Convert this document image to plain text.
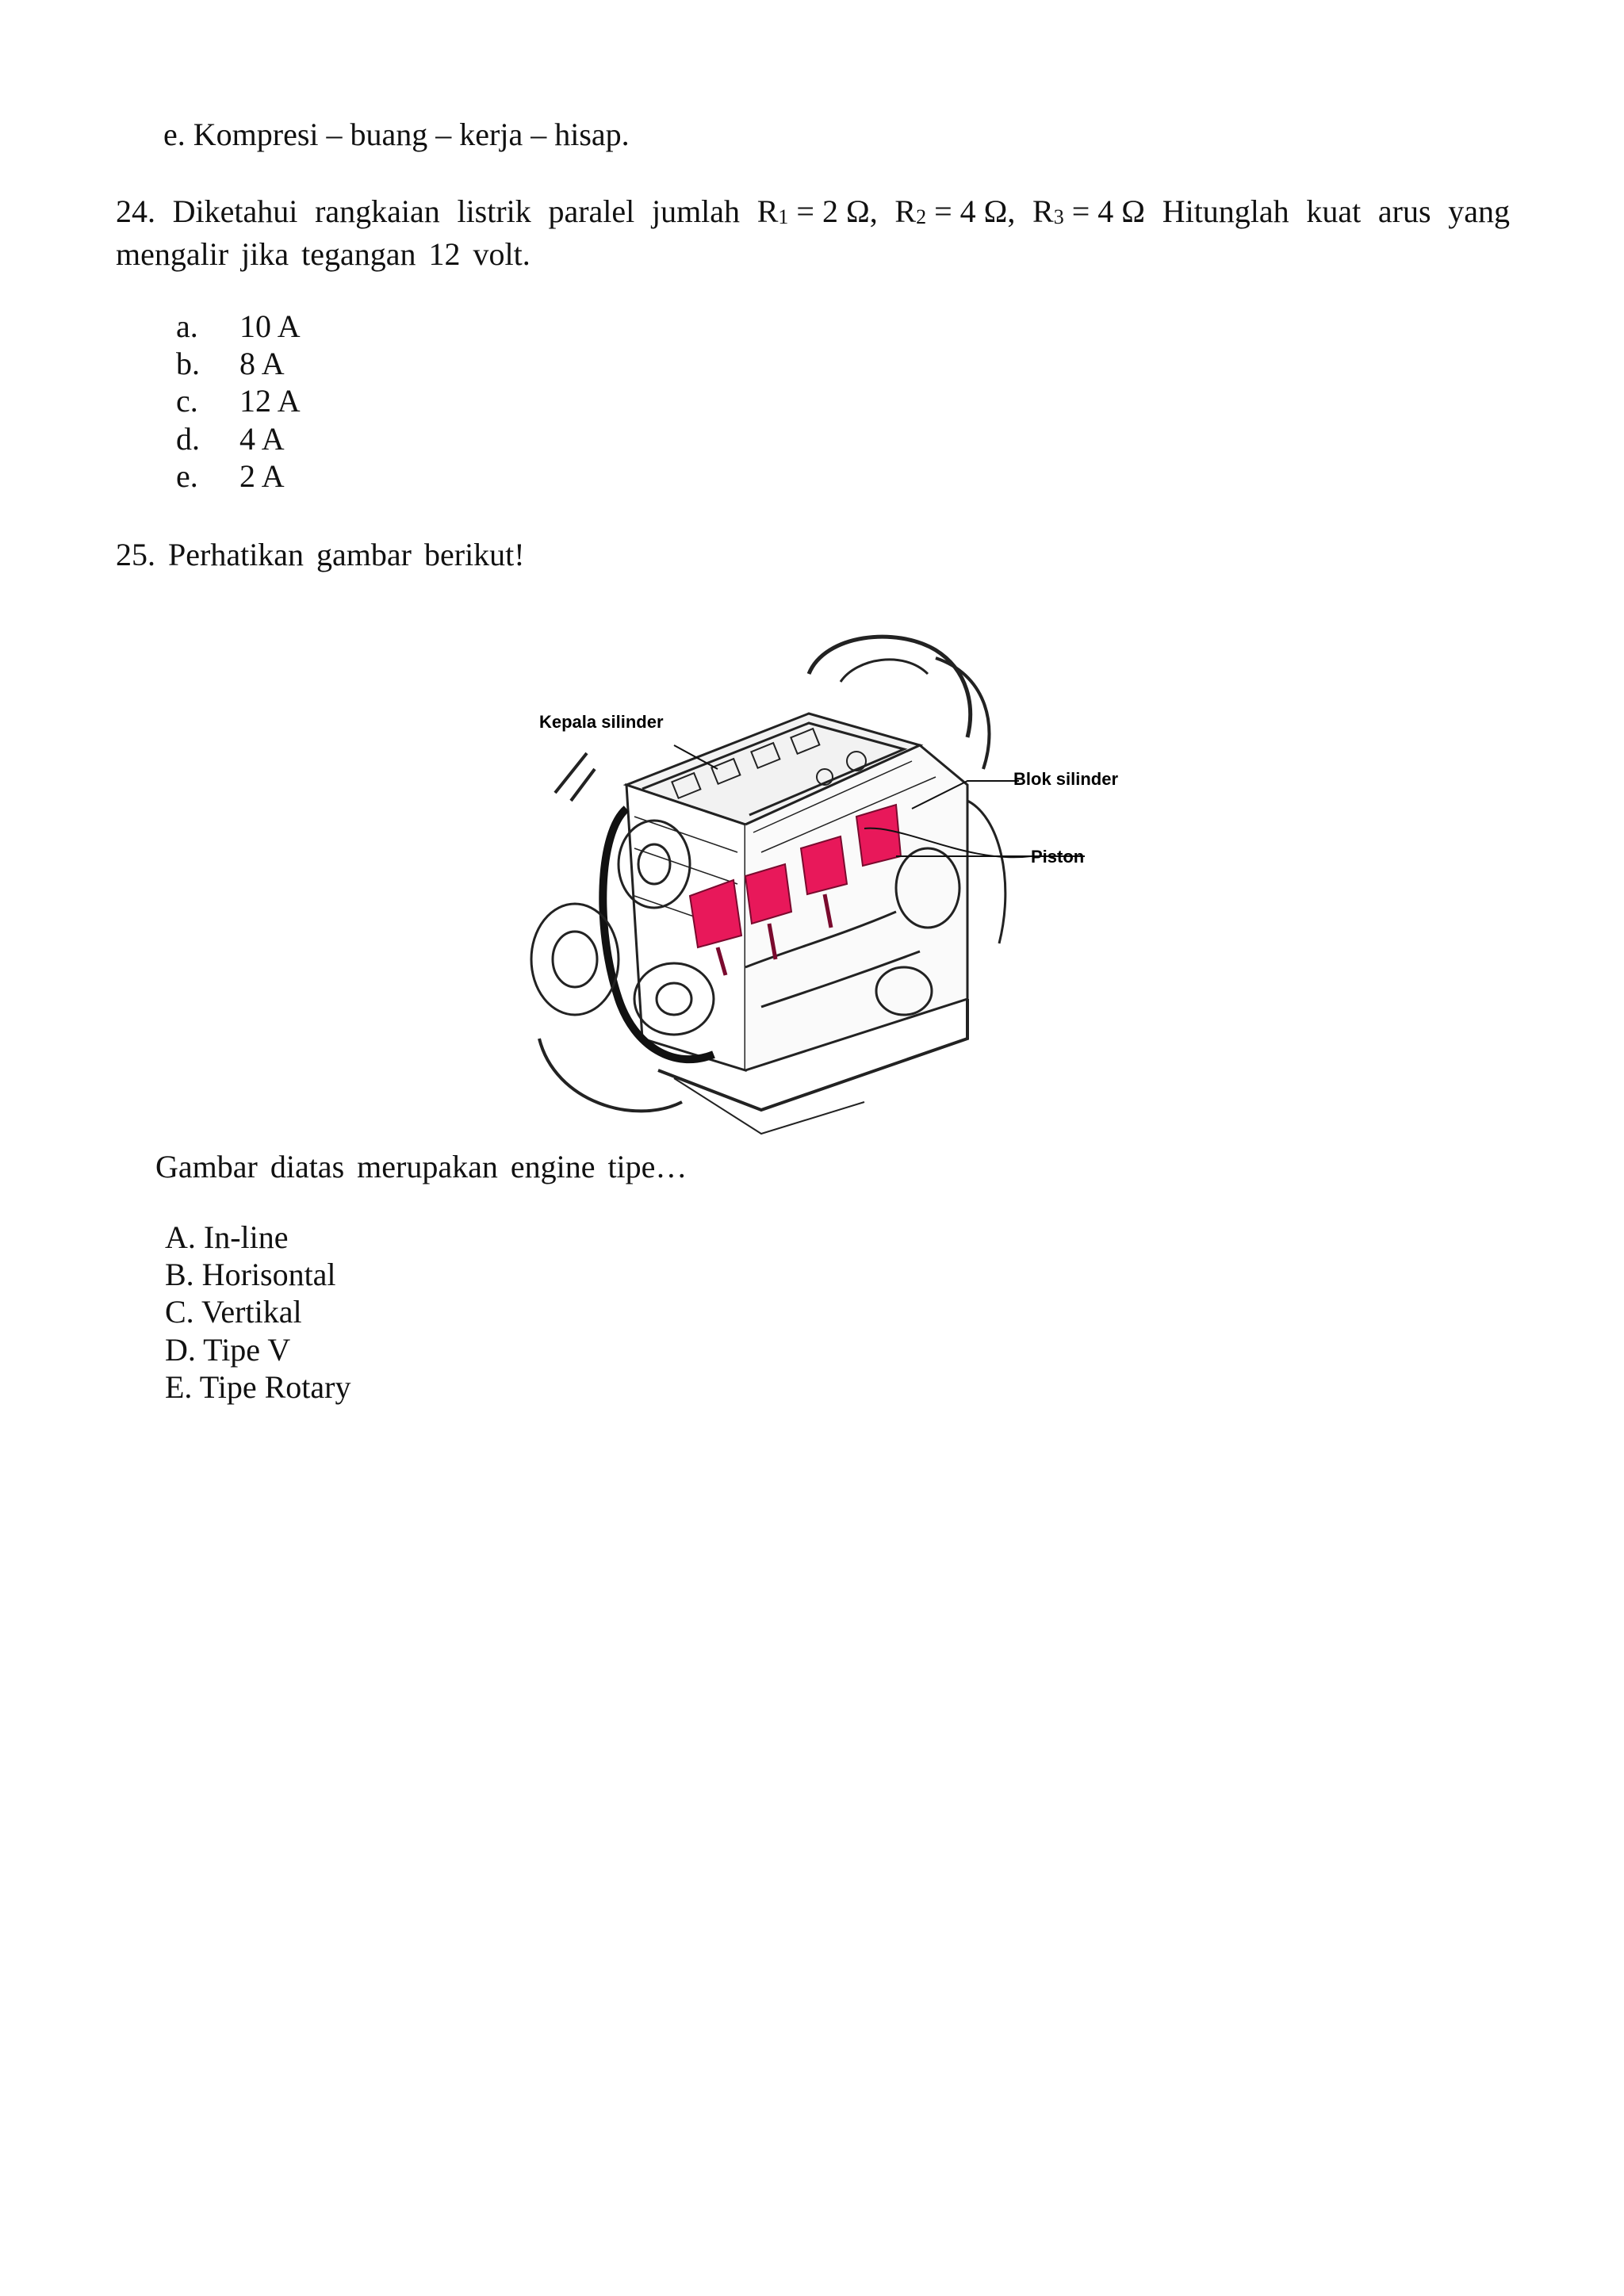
e. Kompresi – buang – kerja – hisap.
24. Diketahui rangkaian listrik paralel jumlah $R_1 = 2$ Ω, $R_2 = 4$ Ω, $R_3 = 4$ Ω Hitunglah kuat arus yang
mengalir jika tegangan 12 volt.
a. 10 A
b. 8 A
c. 12 A
d. 4 A
e. 2 A
25. Perhatikan gambar berikut!
Kepala silinder
Blok silinder
Piston
Gambar diatas merupakan engine tipe…
A. In-line
B. Horisontal
C. Vertikal
D. Tipe V
E. Tipe Rotary
